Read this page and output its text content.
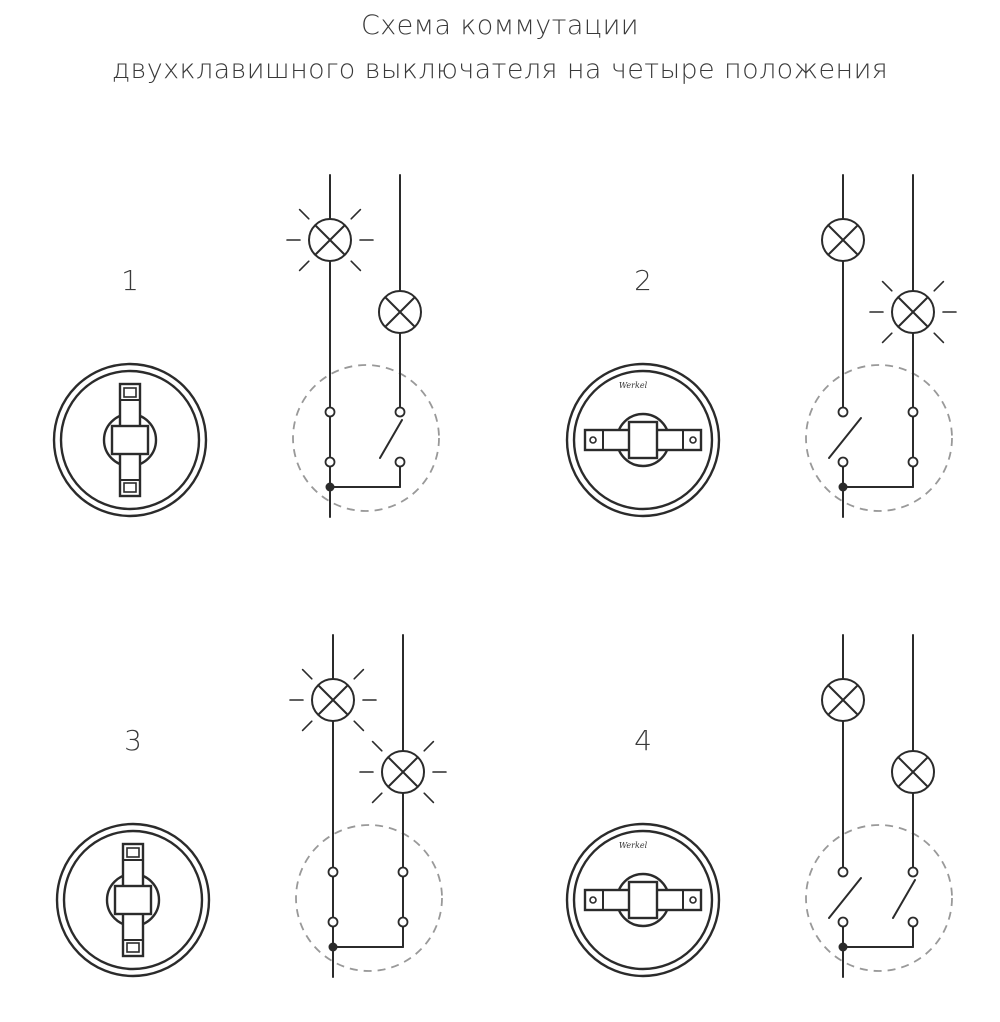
Схема коммутации
двухклавишного выключателя на четыре положения
1	2
Werkel
3	4
Werkel
